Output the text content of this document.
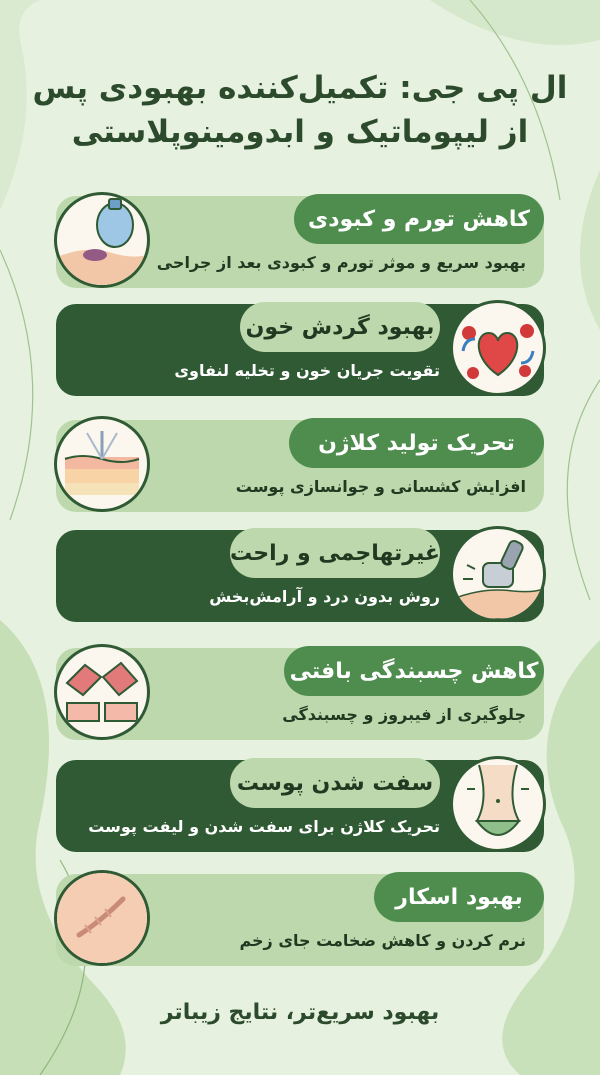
ال پی جی: تکمیل‌کننده بهبودی پس از لیپوماتیک و ابدومینوپلاستی
کاهش تورم و کبودی
بهبود سریع و موثر تورم و کبودی بعد از جراحی
بهبود گردش خون
تقویت جریان خون و تخلیه لنفاوی
تحریک تولید کلاژن
افزایش کشسانی و جوانسازی پوست
غیرتهاجمی و راحت
روش بدون درد و آرامش‌بخش
کاهش چسبندگی بافتی
جلوگیری از فیبروز و چسبندگی
سفت شدن پوست
تحریک کلاژن برای سفت شدن و لیفت پوست
بهبود اسکار
نرم کردن و کاهش ضخامت جای زخم
بهبود سریع‌تر، نتایج زیباتر
